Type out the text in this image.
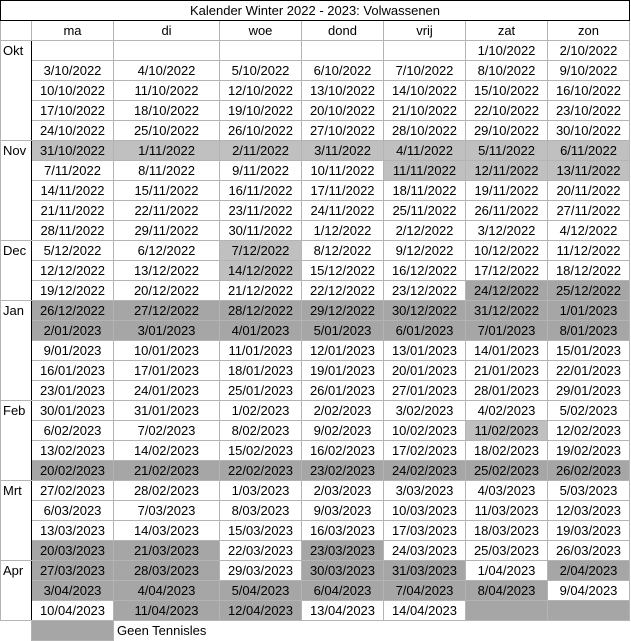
Kalender Winter 2022 - 2023: Volwassenen							
	ma	di	woe	dond	vrij	zat	zon
Okt						1/10/2022	2/10/2022
	3/10/2022	4/10/2022	5/10/2022	6/10/2022	7/10/2022	8/10/2022	9/10/2022
	10/10/2022	11/10/2022	12/10/2022	13/10/2022	14/10/2022	15/10/2022	16/10/2022
	17/10/2022	18/10/2022	19/10/2022	20/10/2022	21/10/2022	22/10/2022	23/10/2022
	24/10/2022	25/10/2022	26/10/2022	27/10/2022	28/10/2022	29/10/2022	30/10/2022
Nov	31/10/2022	1/11/2022	2/11/2022	3/11/2022	4/11/2022	5/11/2022	6/11/2022
	7/11/2022	8/11/2022	9/11/2022	10/11/2022	11/11/2022	12/11/2022	13/11/2022
	14/11/2022	15/11/2022	16/11/2022	17/11/2022	18/11/2022	19/11/2022	20/11/2022
	21/11/2022	22/11/2022	23/11/2022	24/11/2022	25/11/2022	26/11/2022	27/11/2022
	28/11/2022	29/11/2022	30/11/2022	1/12/2022	2/12/2022	3/12/2022	4/12/2022
Dec	5/12/2022	6/12/2022	7/12/2022	8/12/2022	9/12/2022	10/12/2022	11/12/2022
	12/12/2022	13/12/2022	14/12/2022	15/12/2022	16/12/2022	17/12/2022	18/12/2022
	19/12/2022	20/12/2022	21/12/2022	22/12/2022	23/12/2022	24/12/2022	25/12/2022
Jan	26/12/2022	27/12/2022	28/12/2022	29/12/2022	30/12/2022	31/12/2022	1/01/2023
	2/01/2023	3/01/2023	4/01/2023	5/01/2023	6/01/2023	7/01/2023	8/01/2023
	9/01/2023	10/01/2023	11/01/2023	12/01/2023	13/01/2023	14/01/2023	15/01/2023
	16/01/2023	17/01/2023	18/01/2023	19/01/2023	20/01/2023	21/01/2023	22/01/2023
	23/01/2023	24/01/2023	25/01/2023	26/01/2023	27/01/2023	28/01/2023	29/01/2023
Feb	30/01/2023	31/01/2023	1/02/2023	2/02/2023	3/02/2023	4/02/2023	5/02/2023
	6/02/2023	7/02/2023	8/02/2023	9/02/2023	10/02/2023	11/02/2023	12/02/2023
	13/02/2023	14/02/2023	15/02/2023	16/02/2023	17/02/2023	18/02/2023	19/02/2023
	20/02/2023	21/02/2023	22/02/2023	23/02/2023	24/02/2023	25/02/2023	26/02/2023
Mrt	27/02/2023	28/02/2023	1/03/2023	2/03/2023	3/03/2023	4/03/2023	5/03/2023
	6/03/2023	7/03/2023	8/03/2023	9/03/2023	10/03/2023	11/03/2023	12/03/2023
	13/03/2023	14/03/2023	15/03/2023	16/03/2023	17/03/2023	18/03/2023	19/03/2023
	20/03/2023	21/03/2023	22/03/2023	23/03/2023	24/03/2023	25/03/2023	26/03/2023
Apr	27/03/2023	28/03/2023	29/03/2023	30/03/2023	31/03/2023	1/04/2023	2/04/2023
	3/04/2023	4/04/2023	5/04/2023	6/04/2023	7/04/2023	8/04/2023	9/04/2023
	10/04/2023	11/04/2023	12/04/2023	13/04/2023	14/04/2023		
		Geen Tennisles					
